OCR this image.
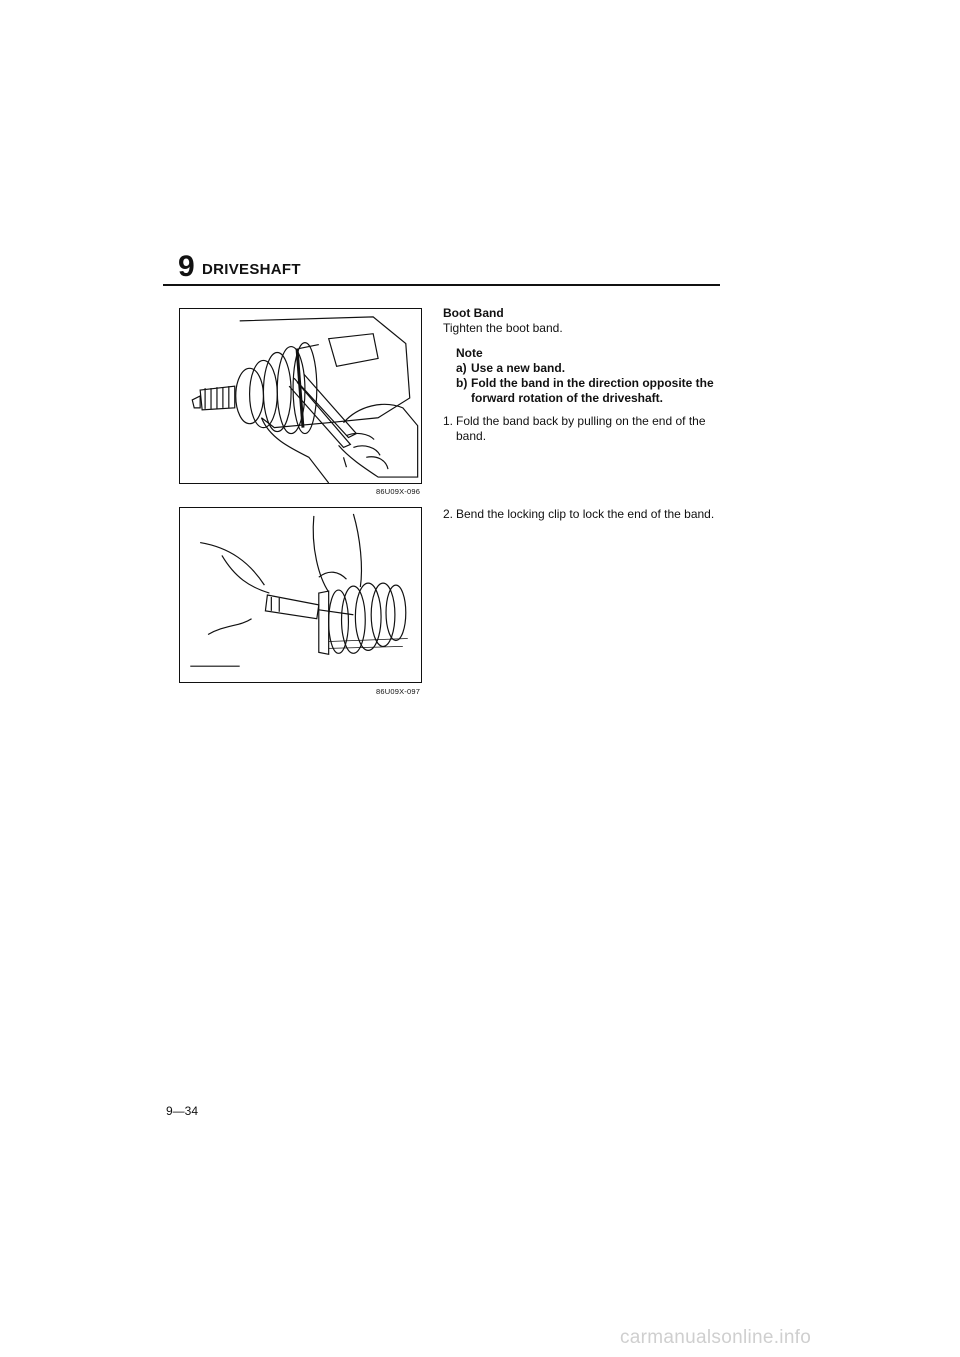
9 DRIVESHAFT
86U09X-096
86U09X-097
Boot Band
Tighten the boot band.
Note
a) Use a new band.
b) Fold the band in the direction opposite the
forward rotation of the driveshaft.
1. Fold the band back by pulling on the end of the
band.
2. Bend the locking clip to lock the end of the band.
9—34
carmanualsonline.info
